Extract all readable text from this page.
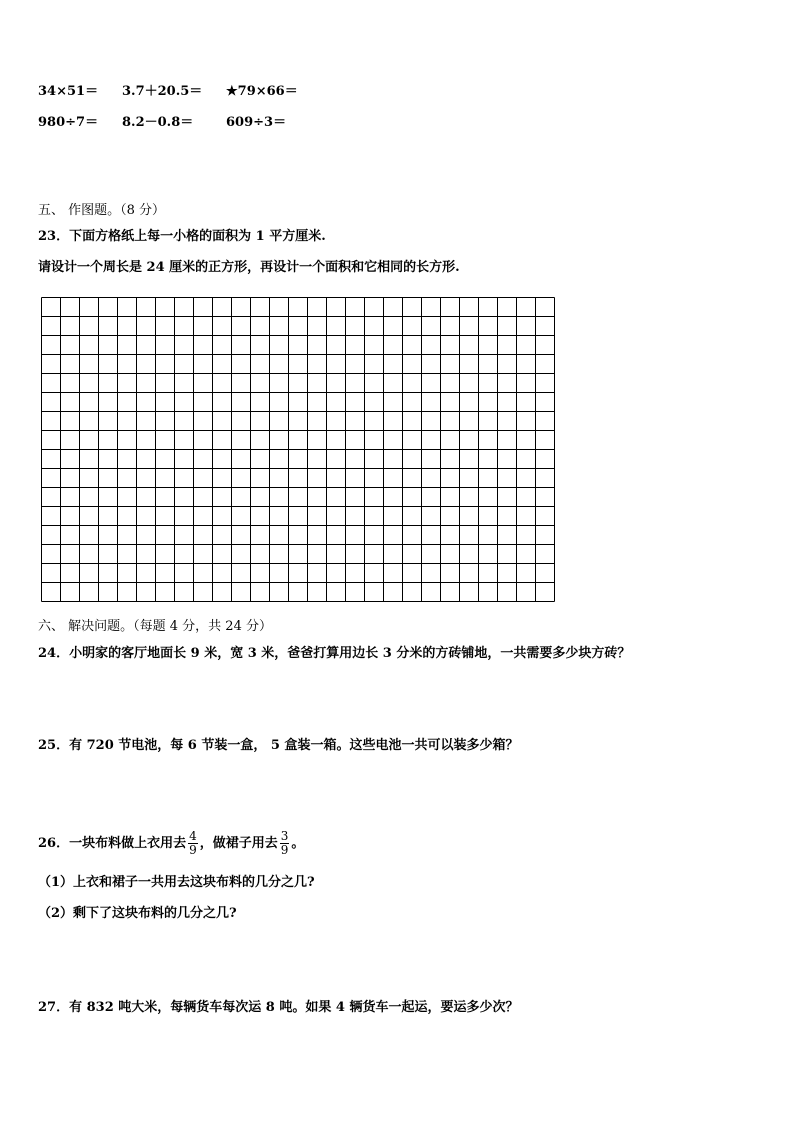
34×51＝ 3.7＋20.5＝ ★79×66＝
980÷7＝ 8.2－0.8＝	609÷3＝
五、 作图题。（8 分）
23．下面方格纸上每一小格的面积为 1 平方厘米.
请设计一个周长是 24 厘米的正方形，再设计一个面积和它相同的长方形.
六、 解决问题。（每题 4 分，共 24 分）
24．小明家的客厅地面长 9 米，宽 3 米，爸爸打算用边长 3 分米的方砖铺地，一共需要多少块方砖？
25．有 720 节电池，每 6 节装一盒， 5 盒装一箱。这些电池一共可以装多少箱？
26．一块布料做上衣用去 $\frac{4}{9}$ ，做裙子用去 $\frac{3}{9}$ 。
（1）上衣和裙子一共用去这块布料的几分之几?
（2）剩下了这块布料的几分之几?
27．有 832 吨大米，每辆货车每次运 8 吨。如果 4 辆货车一起运，要运多少次？
